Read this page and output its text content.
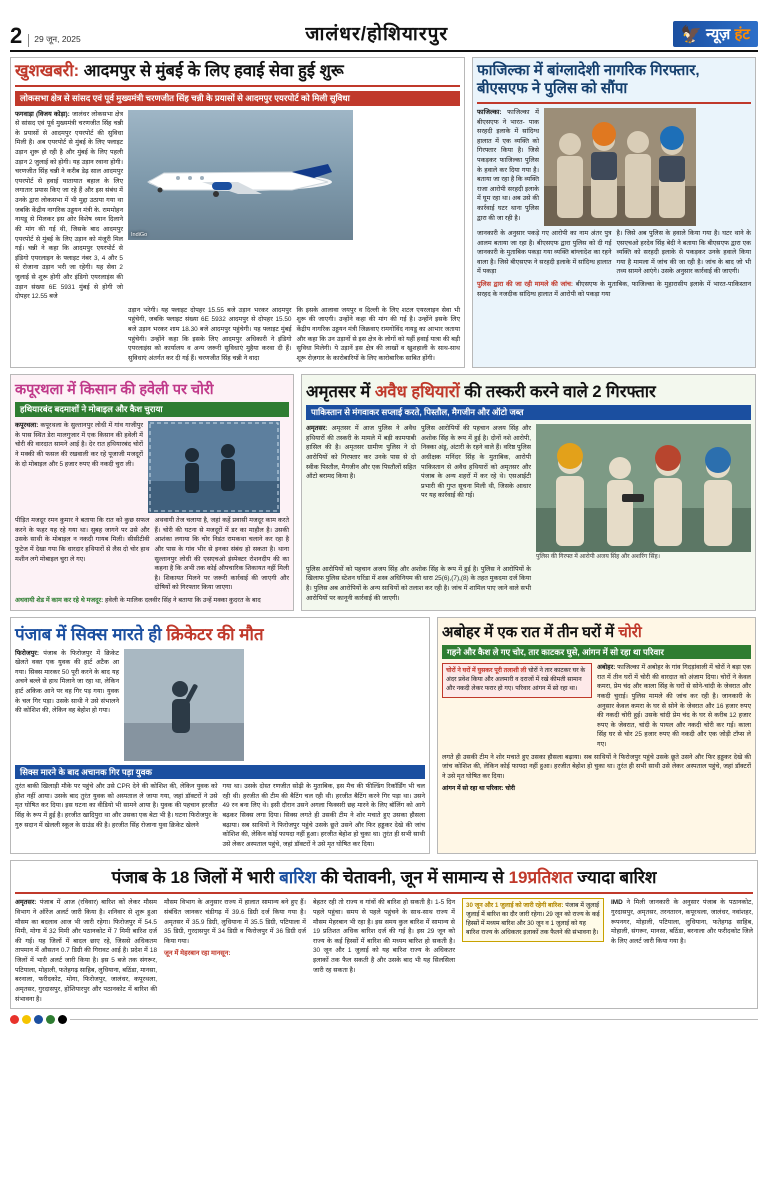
2	29 जून, 2025	जालंधर/होशियारपुर	🦅 न्यूज़ हंट
खुशखबरी: आदमपुर से मुंबई के लिए हवाई सेवा हुई शुरू
लोकसभा क्षेत्र से सांसद एवं पूर्व मुख्यमंत्री चरणजीत सिंह चन्नी के प्रयासों से आदमपुर एयरपोर्ट को मिली सुविधा
फगवाड़ा (विजय कोड़ा): जालंधर लोकसभा क्षेत्र से सांसद एवं पूर्व मुख्यमंत्री चरणजीत सिंह चन्नी के प्रयासों से आदमपुर एयरपोर्ट की सुविधा मिली है। अब एयरपोर्ट से मुंबई के लिए फ्लाइट उड़ान शुरू हो रही है और मुंबई के लिए पहली उड़ान 2 जुलाई को होगी। यह उड़ान रवाना होगी। चरणजीत सिंह चन्नी ने करीब डेढ़ साल आदमपुर एयरपोर्ट से हवाई यातायात बहाल के लिए लगातार प्रयास किए जा रहे हैं और इस संबंध में उनके द्वारा लोकसभा में भी मुद्दा उठाया गया था जबकि केंद्रीय नागरिक उड्डयन मंत्री के. राममोहन नायडू से मिलकर इस ओर विशेष ध्यान दिलाने की मांग की गई थी, जिसके बाद आदमपुर एयरपोर्ट से मुंबई के लिए उड़ान को मंजूरी मिल गई। चन्नी ने कहा कि आदमपुर एयरपोर्ट से इंडिगो एयरलाइन के फ्लाइट नंबर 3, 4 और 5 से रोजाना उड़ान भरी जा रहेगी। यह सेवा 2 जुलाई से शुरू होगी और इंडिगो एयरलाइंस की उड़ान संख्या 6E 5931 मुंबई से होगी जो दोपहर 12.55 बजे
IndiGo
उड़ान भरेगी। यह फ्लाइट दोपहर 15.55 बजे उड़ान भरकर आदमपुर पहुंचेगी, जबकि फ्लाइट संख्या 6E 5932 आदमपुर से दोपहर 15.50 बजे उड़ान भरकर शाम 18.30 बजे आदमपुर पहुंचेगी। यह फ्लाइट मुंबई पहुंचेगी। उन्होंने कहा कि इसके लिए आदमपुर अधिकारी ने इंडिगो एयरलाइंस को कार्यालय व अन्य जरूरी सुविधाएं मुहैया करवा दी हैं। सुविधाएं अंतर्गत कर दी गई हैं। चरणजीत सिंह चन्नी ने वादा
कि इसके आलावा जयपुर व दिल्ली के लिए शटल एयरलाइन सेवा भी शुरू की जाएगी। उन्होंने कहा की मांग की गई है। उन्होंने इसके लिए केंद्रीय नागरिक उड्डयन मंत्री जिक्रवाए रामगोविंद नायडू का आभार जताया और कहा कि उन उड़ानों से इस क्षेत्र के लोगों को यहीं हवाई यात्रा की बड़ी सुविधा मिलेगी। ये उड़ानें इस क्षेत्र की लाखों व खुशहाली के साथ-साथ शूरू रोज़गार के कारोबारियों के लिए कारोबारिक साबित होंगी।
फाजिल्का में बांग्लादेशी नागरिक गिरफ्तार, बीएसएफ ने पुलिस को सौंपा
फाजिल्का: फाजिल्का में बीएसएफ ने भारत- पाक सरहदी इलाके में सांदिग्ध हालात में एक व्यक्ति को गिरफ्तार किया है। जिसे पकड़कर फाजिल्का पुलिस के हवाले कर दिया गया है। बताया जा रहा है कि व्यक्ति राजा आरोपी सरहदी इलाके में घूम रहा था। अब उसे की कार्रवाई घटर थाना पुलिस द्वारा की जा रही है।
जानकारी के अनुसार पकड़े गए आरोपी का नाम अंतर पुत्र आलम बताया जा रहा है। बीएसएफ द्वारा पुलिस को दी गई जानकारी के मुताबिक पकड़ा गया व्यक्ति बांग्लादेश का रहने वाला है। जिसे बीएसएफ ने सरहदी इलाके में सांदिग्ध हालात में पकड़ा
है। जिसे अब पुलिस के हवाले किया गया है। घटर थाने के एसएचओ हरदेव सिंह बेदी ने बताया कि बीएसएफ द्वारा एक व्यक्ति को सरहदी इलाके से पकड़कर उनके हवाले किया गया है मामला में जांच की जा रही है। जांच के बाद जो भी तथ्य सामने आएंगे। उसके अनुसार कार्रवाई की जाएगी।
पुलिस द्वारा की जा रही मामले की जांच: बीएसएफ के मुताबिक, फाजिल्का के मुहारासीय इलाके में भारत-पाकिस्तान सरहद के नजदीक सांदिग्ध हालात में आरोपी को पकड़ा गया
कपूरथला में किसान की हवेली पर चोरी
हथियारबंद बदमाशों ने मोबाइल और कैश चुराया
कपूरथला: कपूरथला के सुल्तानपुर लोधी में गांव गाजीपुर के पास स्थित डेरा मालगुजार में एक किसान की हवेली में चोरी की वारदात सामने आई है। देर रात हथियारबंद चोरों ने मक्की की फसल की रखवाली कर रहे पूजाजी मजदूरों के दो मोबाइल और 5 हजार रुपए की नकदी चुरा ली।
पीड़ित मजदूर रमन कुमार ने बताया कि रात को कुछ सफल करने के फहर यह रहे गया था। सुबह जागने पर उसे और उसके साथी के मोबाइल न नकदी गायब मिली। सीसीटीवी फुटेज में देखा गया कि धारदार हथियारों से लैस दो चोर हाथ मशीन लगे मोबाइल चुरा ले गए।
अथवायी तेज चलाया है, जहां कहें प्रवासी मजदूर काम करते हैं। चोरी की घटना से मजदूरों में डर का माहौल है। उसकी आशंका लगाया कि चोर निडंत रामकथा चलाने कर रहा है और पास के गांव भीर से इनका संबंध हो सकता है। थाना सुल्तानपुर लोधी की एसएचओ इंस्पेक्टर रोशनदीप की का कहना है कि अभी तक कोई औपचारिक शिकायत नहीं मिली है। शिकायत मिलने पर जरूरी कार्रवाई की जाएगी और दोषियों को गिरफ्तार किया जाएगा।
अथवायी शेड में काम कर रहे थे मजदूर: हवेली के मालिक दलवीर सिंह ने बताया कि उन्हें मक्का कुदरत के बाद
अमृतसर में अवैध हथियारों की तस्करी करने वाले 2 गिरफ्तार
पाकिस्तान से मंगवाकर सप्लाई करते, पिस्तौल, मैगजीन और ऑटो जब्त
अमृतसर: अमृतसर में आज पुलिस ने अवैध हथियारों की तस्करी के मामले में बड़ी कामयाबी हासिल की है। अमृतसर ग्रामीण पुलिस ने दो आरोपियों को गिरफ्तार कर उनके पास से दो स्वीक पिस्तौल, मैगजीन और एक पिस्तौलों सहित ऑटो बरामद किया है।
पुलिस आरोपियों की पहचान अजय सिंह और अशोक सिंह के रूप में हुई है। दोनों नशे आरोपी, निक्का अंडू, अंटारी के रहने वाले हैं। वरिष्ठ पुलिस अधीक्षक मनिंदर सिंह के मुताबिक, आरोपी पाकिस्तान से अवैध हथियारों को अमृतसर और पंजाब के अन्य शहरों में कर रहे थे। एसआईटी प्रभारी की गुप्त सूचना मिली थी, जिसके आधार पर यह कार्रवाई की गई।
पुलिस की गिरफ्त में आरोपी अजय सिंह और अशरिंग सिंह।
पुलिस आरोपियों को पहचान अजय सिंह और अशोक सिंह के रूप में हुई है। पुलिस ने आरोपियों के खिलाफ पुलिस स्टेशन घरिंडा में शस्त्र अधिनियम की धारा 25(6),(7),(8) के तहत मुकदमा दर्ज किया है। पुलिस अब आरोपियों के अन्य साथियों को तलाश कर रही है। जांच में शामिल पाए जाने वाले सभी आरोपियों पर कानूनी कार्रवाई की जाएगी।
पंजाब में सिक्स मारते ही क्रिकेटर की मौत
फिरोजपुर: पंजाब के फिरोजपुर में क्रिकेट खेलते वक्त एक युवक की हार्ट अटैक आ गया। सिक्स मारकर 50 पूरी करने के बाद यह अचने बल्ले से हाथ मिलाने जा रहा था, लेकिन हार्ट अकिक आने पर वह गिर पड़ गया। युवक के चल गिर पड़ा। उसके साथी ने उसे संभालने की कोशिश की, लेकिन वह बेहोश हो गया।
सिक्स मारने के बाद अचानक गिर पड़ा युवक
तुरंत बाकी खिलाड़ी मौके पर पहुंचे और उसे CPR देने की कोशिश की, लेकिन युवक को होश नहीं आया। उसके बाद तुरंत युवक को अस्पताल ले जाया गया, जहां डॉक्टरों ने उसे मृत घोषित कर दिया। इस घटना का वीडियो भी सामने आया है। युवक की पहचान हरजीत सिंह के रूप में हुई है। हरजीत खादिपुरा था और उसका एक बेटा भी है। घटना फिरोजपुर के गुरु सदान में खेलली स्कूल के ग्राउंड की है। हरजीत सिंह रोजाना युवा क्रिकेट खेलने
गया था। उसके दोस्त रणजीत सोढ़ी के मुताबिक, इस मैच की फील्डिंग रिकॉर्डिंग भी चल रही थी। हरजीत की टीम की बैटिंग चल रही थी। हरजीत बैटिंग करने गिर पड़ा था। उसने 49 रन बना लिए थे। इसी दौरान उसने अगला फिक्सरी छह मारने के लिए बॉलिंग को आगे बढ़कर सिक्स लगा दिया। सिक्स लगते ही उसकी टीम ने शोर मचाते हुए उसका हौसला बढ़ाया। सब साथियों ने फिरोजपुर पहुंचे उसके छूते उसने और फिर हड्डकर देखे की जांच कोशिश की, लेकिन कोई फायदा नहीं हुआ। हरजीत बेहोश हो चुका था। तुरंत ही सभी साथी उसे लेकर अस्पताल पहुंचे, जहां डॉक्टरों ने उसे मृत घोषित कर दिया।
अबोहर में एक रात में तीन घरों में चोरी
गहने और कैश ले गए चोर, तार काटकर घुसे, आंगन में सो रहा था परिवार
चोरों ने घरों में घुसकर पूरी तलाशी ली चोरों ने तार काटकर घर के अंदर प्रवेश किया और अलमारी व दराजों में रखे कीमती सामान और नकदी लेकर फरार हो गए। परिवार आंगन में सो रहा था।
अबोहर: फाजिल्का में अबोहर के गांव गिदड़ांवाली में चोरों ने बड़ा एक रात में तीन घरों में चोरी की वारदात को अंजाम दिया। चोरों ने केवल कमरा, प्रेम चंद और काला सिंह के घरों से सोने-चांदी के जेवरात और नकदी चुराई। पुलिस मामले की जांच कर रही है। जानकारी के अनुसार केवल कमरा के घर से सोने के जेवरात और 16 हजार रुपए की नकदी चोरी हुई। उसके चांदी प्रेम चंद के घर से करीब 12 हजार रुपए के जेवरात, चांदी के पायल और नकदी चोरी कर गई। काला सिंह घर से चोर 25 हजार रुपए की नकदी और एक जोड़ी टॉप्स ले गए।
लगते ही उसकी टीम ने शोर मचाते हुए उसका हौसला बढ़ाया। सब साथियों ने फिरोजपुर पहुंचे उसके छूते उसने और फिर हड्डकर देखे की जांच कोशिश की, लेकिन कोई फायदा नहीं हुआ। हरजीत बेहोश हो चुका था। तुरंत ही सभी साथी उसे लेकर अस्पताल पहुंचे, जहां डॉक्टरों ने उसे मृत घोषित कर दिया।
आंगन में सो रहा था परिवार: चोरी
पंजाब के 18 जिलों में भारी बारिश की चेतावनी, जून में सामान्य से 19प्रतिशत ज्यादा बारिश
अमृतसर: पंजाब में आज (रविवार) बारिश को लेकर मौसम विभाग ने ऑरेंज अलर्ट जारी किया है। शनिवार से शुरू हुआ मौसम का बदलाव आज भी जारी रहेगा। फिरोजपुर में 54.5 मिमी, मोगा में 32 मिमी और पठानकोट में 7 मिमी बारिश दर्ज की गई। यह जिलों में बादल छाए रहे, जिससे अधिकतम तापमान में औसतन 0.7 डिग्री की गिरावट आई है। प्रदेश में 18 जिलों में भारी अलर्ट जारी किया है। इस 5 बजे तक संगरूर, पटियाला, मोहाली, फतेहगढ़ साहिब, लुधियाना, बठिंडा, मानसा, बरनाला, फरीदकोट, मोगा, फिरोजपुर, जालंधर, कपूरथला, अमृतसर, गुरदासपुर, होशियारपुर और पठानकोट में बारिश की संभावना है।
मौसम विभाग के अनुसार राज्य में हालात सामान्य बने हुए हैं। संबंधित जानकर चंडीगढ़ में 39.6 डिग्री दर्ज किया गया है। अमृतसर में 35.9 डिग्री, लुधियाना में 35.5 डिग्री, पटियाला में 35 डिग्री, गुरदासपुर में 34 डिग्री व फिरोजपुर में 36 डिग्री दर्ज किया गया।
जून में मेहरबान रहा मानसून:
बेहतर रही तो राज्य व गांवों की बारिश हो सकती है। 1-5 दिन पहले पहुंचा। समय से पहले पहुंचने के साथ-साथ राज्य में मौसम मेहरबान भी रहा है। इस समय कुल बारिश में सामान्य से 19 प्रतिशत अधिक बारिश दर्ज की गई है। इस 29 जून को राज्य के कई हिस्सों में बारिश की मध्यम बारिश हो सकती है। 30 जून और 1 जुलाई को यह बारिश राज्य के अधिकतर इलाकों तक फैल सकती है और उसके बाद भी यह सिलसिला जारी रह सकता है।
30 जून और 1 जुलाई को जारी रहेगी बारिश: पंजाब में जुलाई जुलाई में बारिश का दौर जारी रहेगा। 29 जून को राज्य के कई हिस्सों में मध्यम बारिश और 30 जून व 1 जुलाई को यह बारिश राज्य के अधिकतर इलाकों तक फैलने की संभावना है।
IMD ने मिली जानकारी के अनुसार पंजाब के पठानकोट, गुरदासपुर, अमृतसर, तरनतारन, कपूरथला, जालंधर, नवांशहर, रूपनगर, मोहाली, पटियाला, लुधियाना, फतेहगढ़ साहिब, मोहाली, संगरूर, मानसा, बठिंडा, बरनाला और फरीदकोट जिले के लिए अलर्ट जारी किया गया है।
